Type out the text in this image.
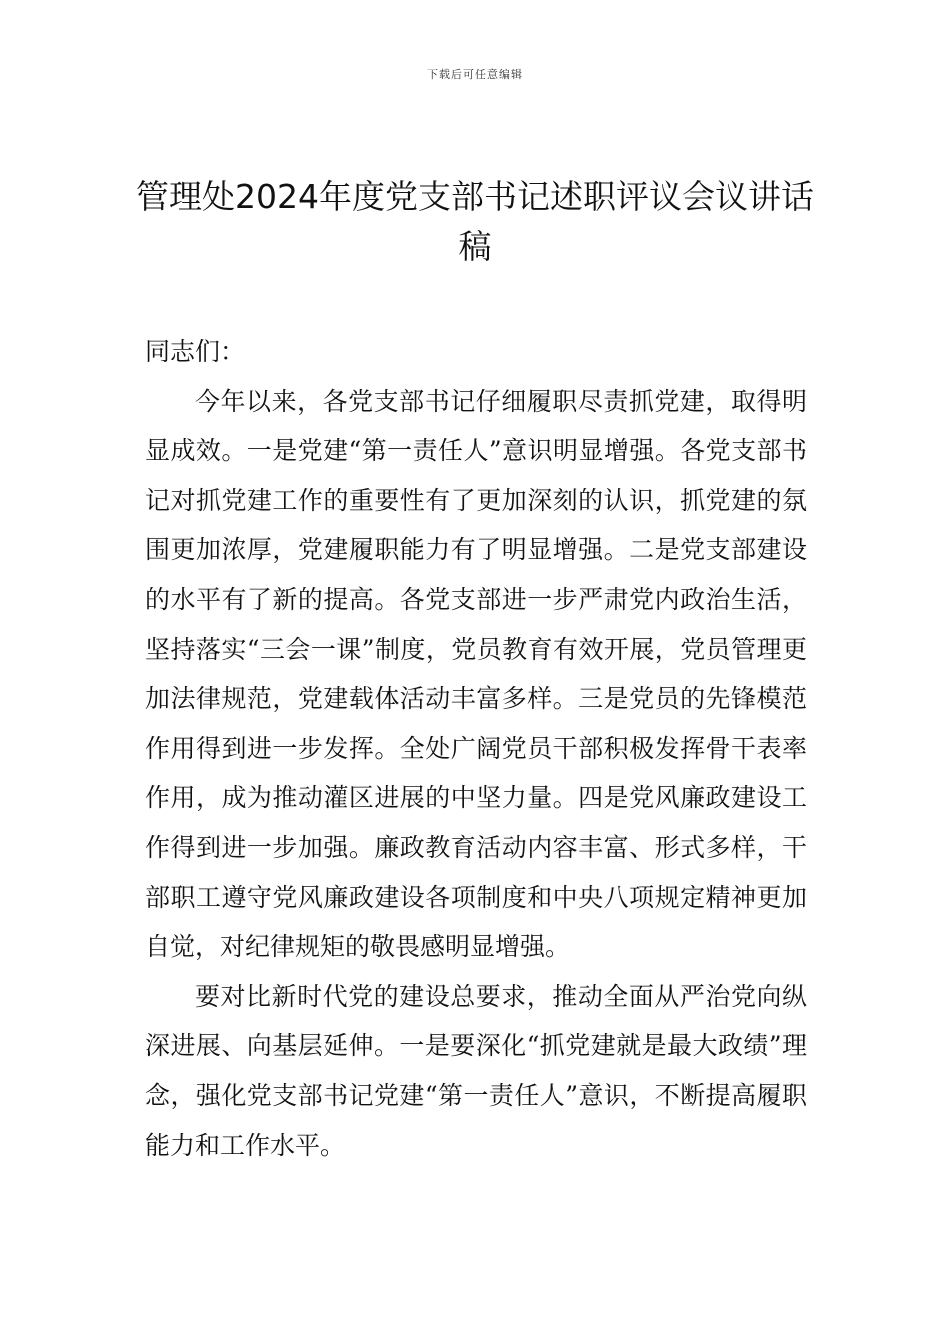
下载后可任意编辑
管理处2024年度党支部书记述职评议会议讲话稿

同志们：

今年以来，各党支部书记仔细履职尽责抓党建，取得明显成效。一是党建“第一责任人”意识明显增强。各党支部书记对抓党建工作的重要性有了更加深刻的认识，抓党建的氛围更加浓厚，党建履职能力有了明显增强。二是党支部建设的水平有了新的提高。各党支部进一步严肃党内政治生活，坚持落实“三会一课”制度，党员教育有效开展，党员管理更加法律规范，党建载体活动丰富多样。三是党员的先锋模范作用得到进一步发挥。全处广阔党员干部积极发挥骨干表率作用，成为推动灌区进展的中坚力量。四是党风廉政建设工作得到进一步加强。廉政教育活动内容丰富、形式多样，干部职工遵守党风廉政建设各项制度和中央八项规定精神更加自觉，对纪律规矩的敬畏感明显增强。

要对比新时代党的建设总要求，推动全面从严治党向纵深进展、向基层延伸。一是要深化“抓党建就是最大政绩”理念，强化党支部书记党建“第一责任人”意识，不断提高履职能力和工作水平。
